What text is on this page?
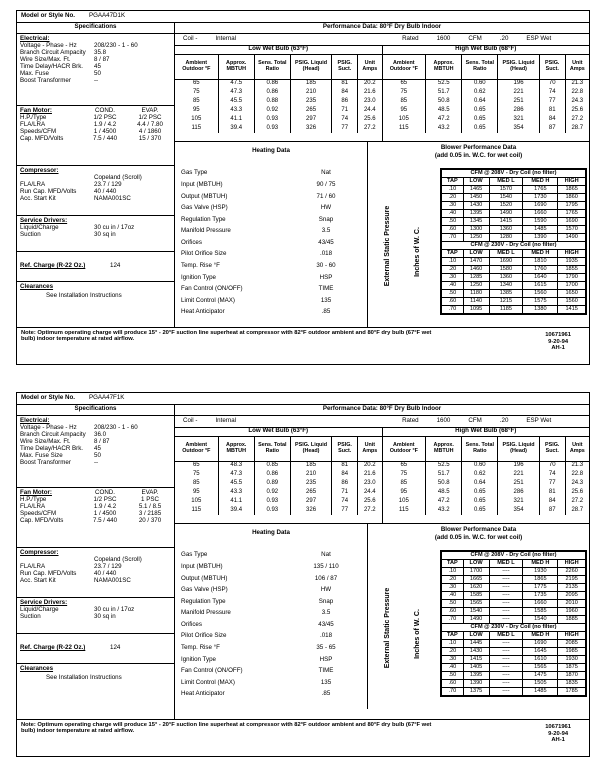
Model or Style No. PGAA47D1K
Specifications
Electrical:
Voltage - Phase - Hz	208/230 - 1 - 60
Branch Circuit Ampacity	35.8
Wire Size/Max. Ft.	8 / 87
Time Delay/HACR Brk.	45
Max. Fuse	50
Boost Transformer	--
Fan Motor:	COND.	EVAP.
H.P./Type	1/2 PSC	1/2 PSC
FLA/LRA	1.9 / 4.2	4.4 / 7.80
Speeds/CFM	1 / 4500	4 / 1860
Cap. MFD/Volts	7.5 / 440	15 / 370
Compressor:
Copeland (Scroll)
FLA/LRA	23.7 / 129
Run Cap. MFD/Volts	40 / 440
Acc. Start Kit	NAMA001SC
Service Drivers:
Liquid/Charge	30 cu in / 17oz
Suction	30 sq in
Ref. Charge (R-22 Oz.)	124
Clearances
See Installation Instructions
Performance Data: 80°F Dry Bulb Indoor
Coil -	Internal	Rated	1600	CFM	.20	ESP Wet
Low Wet Bulb (63°F)
Ambient Outdoor °F	Approx. MBTUH	Sens. Total Ratio	PSIG. Liquid (Head)	PSIG. Suct.	Unit Amps
65	47.5	0.86	185	81	20.2
75	47.3	0.86	210	84	21.6
85	45.5	0.88	235	86	23.0
95	43.3	0.92	265	71	24.4
105	41.1	0.93	297	74	25.6
115	39.4	0.93	326	77	27.2
High Wet Bulb (68°F)
Ambient Outdoor °F	Approx. MBTUH	Sens. Total Ratio	PSIG. Liquid (Head)	PSIG. Suct.	Unit Amps
65	52.5	0.60	196	70	21.3
75	51.7	0.62	221	74	22.8
85	50.8	0.64	251	77	24.3
95	48.5	0.65	286	81	25.6
105	47.2	0.65	321	84	27.2
115	43.2	0.65	354	87	28.7
Heating Data
Gas Type	Nat
Input (MBTUH)	90 / 75
Output (MBTUH)	71 / 60
Gas Valve (HSP)	HW
Regulation Type	Snap
Manifold Pressure	3.5
Orifices	43/45
Pilot Orifice Size	.018
Temp. Rise °F	30 - 60
Ignition Type	HSP
Fan Control (ON/OFF)	TIME
Limit Control (MAX)	135
Heat Anticipator	.85
Blower Performance Data
(add 0.05 in. W.C. for wet coil)
External Static Pressure	Inches of W. C.
CFM @ 208V - Dry Coil (no filter)				
TAP	LOW	MED L	MED H	HIGH
.10	1465	1570	1765	1865
.20	1450	1540	1730	1860
.30	1430	1520	1690	1795
.40	1395	1490	1660	1765
.50	1345	1415	1590	1690
.60	1300	1360	1485	1570
.70	1250	1280	1390	1490
CFM @ 230V - Dry Coil (no filter)				
TAP	LOW	MED L	MED H	HIGH
.10	1470	1690	1810	1935
.20	1460	1580	1760	1855
.30	1285	1360	1640	1790
.40	1250	1340	1615	1700
.50	1180	1385	1560	1650
.60	1140	1215	1575	1560
.70	1095	1185	1380	1415
Note: Optimum operating charge will produce 15° - 20°F suction line superheat at compressor with 82°F outdoor ambient and 80°F dry bulb (67°F wet bulb) indoor temperature at rated airflow.
10671961
9-20-94
AH-1
Model or Style No. PGAA47F1K
Specifications
Electrical:
Voltage - Phase - Hz	208/230 - 1 - 60
Branch Circuit Ampacity	36.0
Wire Size/Max. Ft.	8 / 87
Time Delay/HACR Brk.	45
Max. Fuse Size	50
Boost Transformer	--
Fan Motor:	COND.	EVAP.
H.P./Type	1/2 PSC	1 PSC
FLA/LRA	1.9 / 4.2	5.1 / 8.5
Speeds/CFM	1 / 4500	3 / 2185
Cap. MFD/Volts	7.5 / 440	20 / 370
Compressor:
Copeland (Scroll)
FLA/LRA	23.7 / 129
Run Cap. MFD/Volts	40 / 440
Acc. Start Kit	NAMA001SC
Service Drivers:
Liquid/Charge	30 cu in / 17oz
Suction	30 sq in
Ref. Charge (R-22 Oz.)	124
Clearances
See Installation Instructions
Performance Data: 80°F Dry Bulb Indoor
Coil -	Internal	Rated	1600	CFM	.20	ESP Wet
Low Wet Bulb (63°F)
Ambient Outdoor °F	Approx. MBTUH	Sens. Total Ratio	PSIG. Liquid (Head)	PSIG. Suct.	Unit Amps
65	48.3	0.85	185	81	20.2
75	47.3	0.86	210	84	21.6
85	45.5	0.89	235	86	23.0
95	43.3	0.92	265	71	24.4
105	41.1	0.93	297	74	25.6
115	39.4	0.93	326	77	27.2
High Wet Bulb (68°F)
Ambient Outdoor °F	Approx. MBTUH	Sens. Total Ratio	PSIG. Liquid (Head)	PSIG. Suct.	Unit Amps
65	52.5	0.60	196	70	21.3
75	51.7	0.62	221	74	22.8
85	50.8	0.64	251	77	24.3
95	48.5	0.65	286	81	25.6
105	47.2	0.65	321	84	27.2
115	43.2	0.65	354	87	28.7
Heating Data
Gas Type	Nat
Input (MBTUH)	135 / 110
Output (MBTUH)	106 / 87
Gas Valve (HSP)	HW
Regulation Type	Snap
Manifold Pressure	3.5
Orifices	43/45
Pilot Orifice Size	.018
Temp. Rise °F	35 - 65
Ignition Type	HSP
Fan Control (ON/OFF)	TIME
Limit Control (MAX)	135
Heat Anticipator	.85
Blower Performance Data
(add 0.05 in. W.C. for wet coil)
External Static Pressure	Inches of W. C.
CFM @ 208V - Dry Coil (no filter)				
TAP	LOW	MED L	MED H	HIGH
.10	1700	----	1930	2260
.20	1665	----	1865	2195
.30	1620	----	1775	2135
.40	1585	----	1735	2095
.50	1565	----	1660	2010
.60	1540	----	1585	1960
.70	1490	----	1540	1885
CFM @ 230V - Dry Coil (no filter)				
TAP	LOW	MED L	MED H	HIGH
.10	1445	----	1690	2085
.20	1430	----	1645	1985
.30	1415	----	1610	1930
.40	1405	----	1565	1875
.50	1395	----	1475	1870
.60	1390	----	1505	1835
.70	1375	----	1485	1785
Note: Optimum operating charge will produce 15° - 20°F suction line superheat at compressor with 82°F outdoor ambient and 80°F dry bulb (67°F wet bulb) indoor temperature at rated airflow.
10671961
9-20-94
AH-1
